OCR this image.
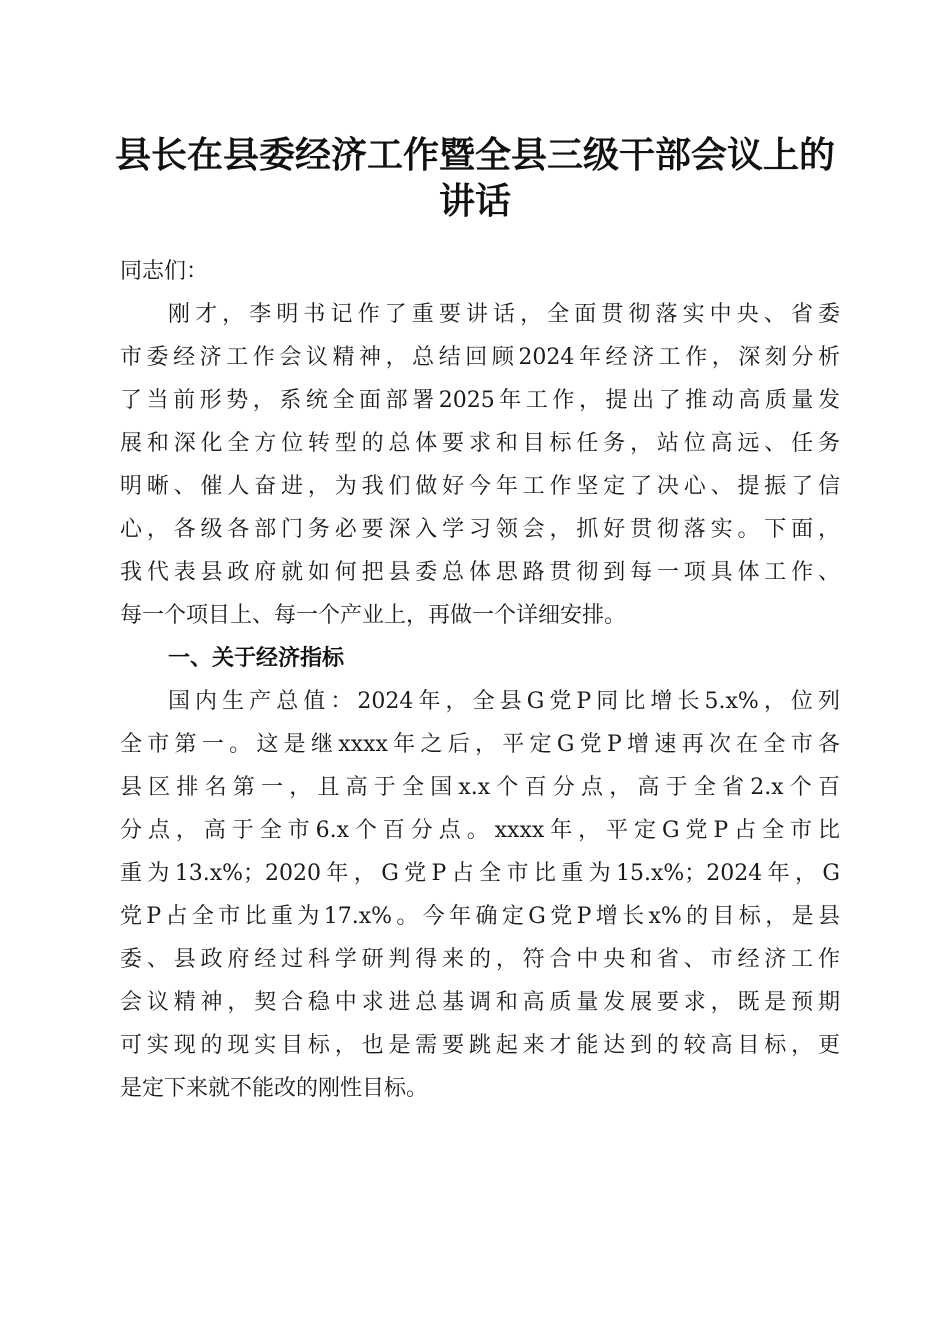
县长在县委经济工作暨全县三级干部会议上的
讲话
同志们：
刚才，李明书记作了重要讲话，全面贯彻落实中央、省委
市委经济工作会议精神，总结回顾2024年经济工作，深刻分析
了当前形势，系统全面部署2025年工作，提出了推动高质量发
展和深化全方位转型的总体要求和目标任务，站位高远、任务
明晰、催人奋进，为我们做好今年工作坚定了决心、提振了信
心，各级各部门务必要深入学习领会，抓好贯彻落实。下面，
我代表县政府就如何把县委总体思路贯彻到每一项具体工作、
每一个项目上、每一个产业上，再做一个详细安排。
一、关于经济指标
国内生产总值：2024年，全县G党P同比增长5.x%，位列
全市第一。这是继xxxx年之后，平定G党P增速再次在全市各
县区排名第一，且高于全国x.x个百分点，高于全省2.x个百
分点，高于全市6.x个百分点。xxxx年，平定G党P占全市比
重为13.x%；2020年，G党P占全市比重为15.x%；2024年，G
党P占全市比重为17.x%。今年确定G党P增长x%的目标，是县
委、县政府经过科学研判得来的，符合中央和省、市经济工作
会议精神，契合稳中求进总基调和高质量发展要求，既是预期
可实现的现实目标，也是需要跳起来才能达到的较高目标，更
是定下来就不能改的刚性目标。
